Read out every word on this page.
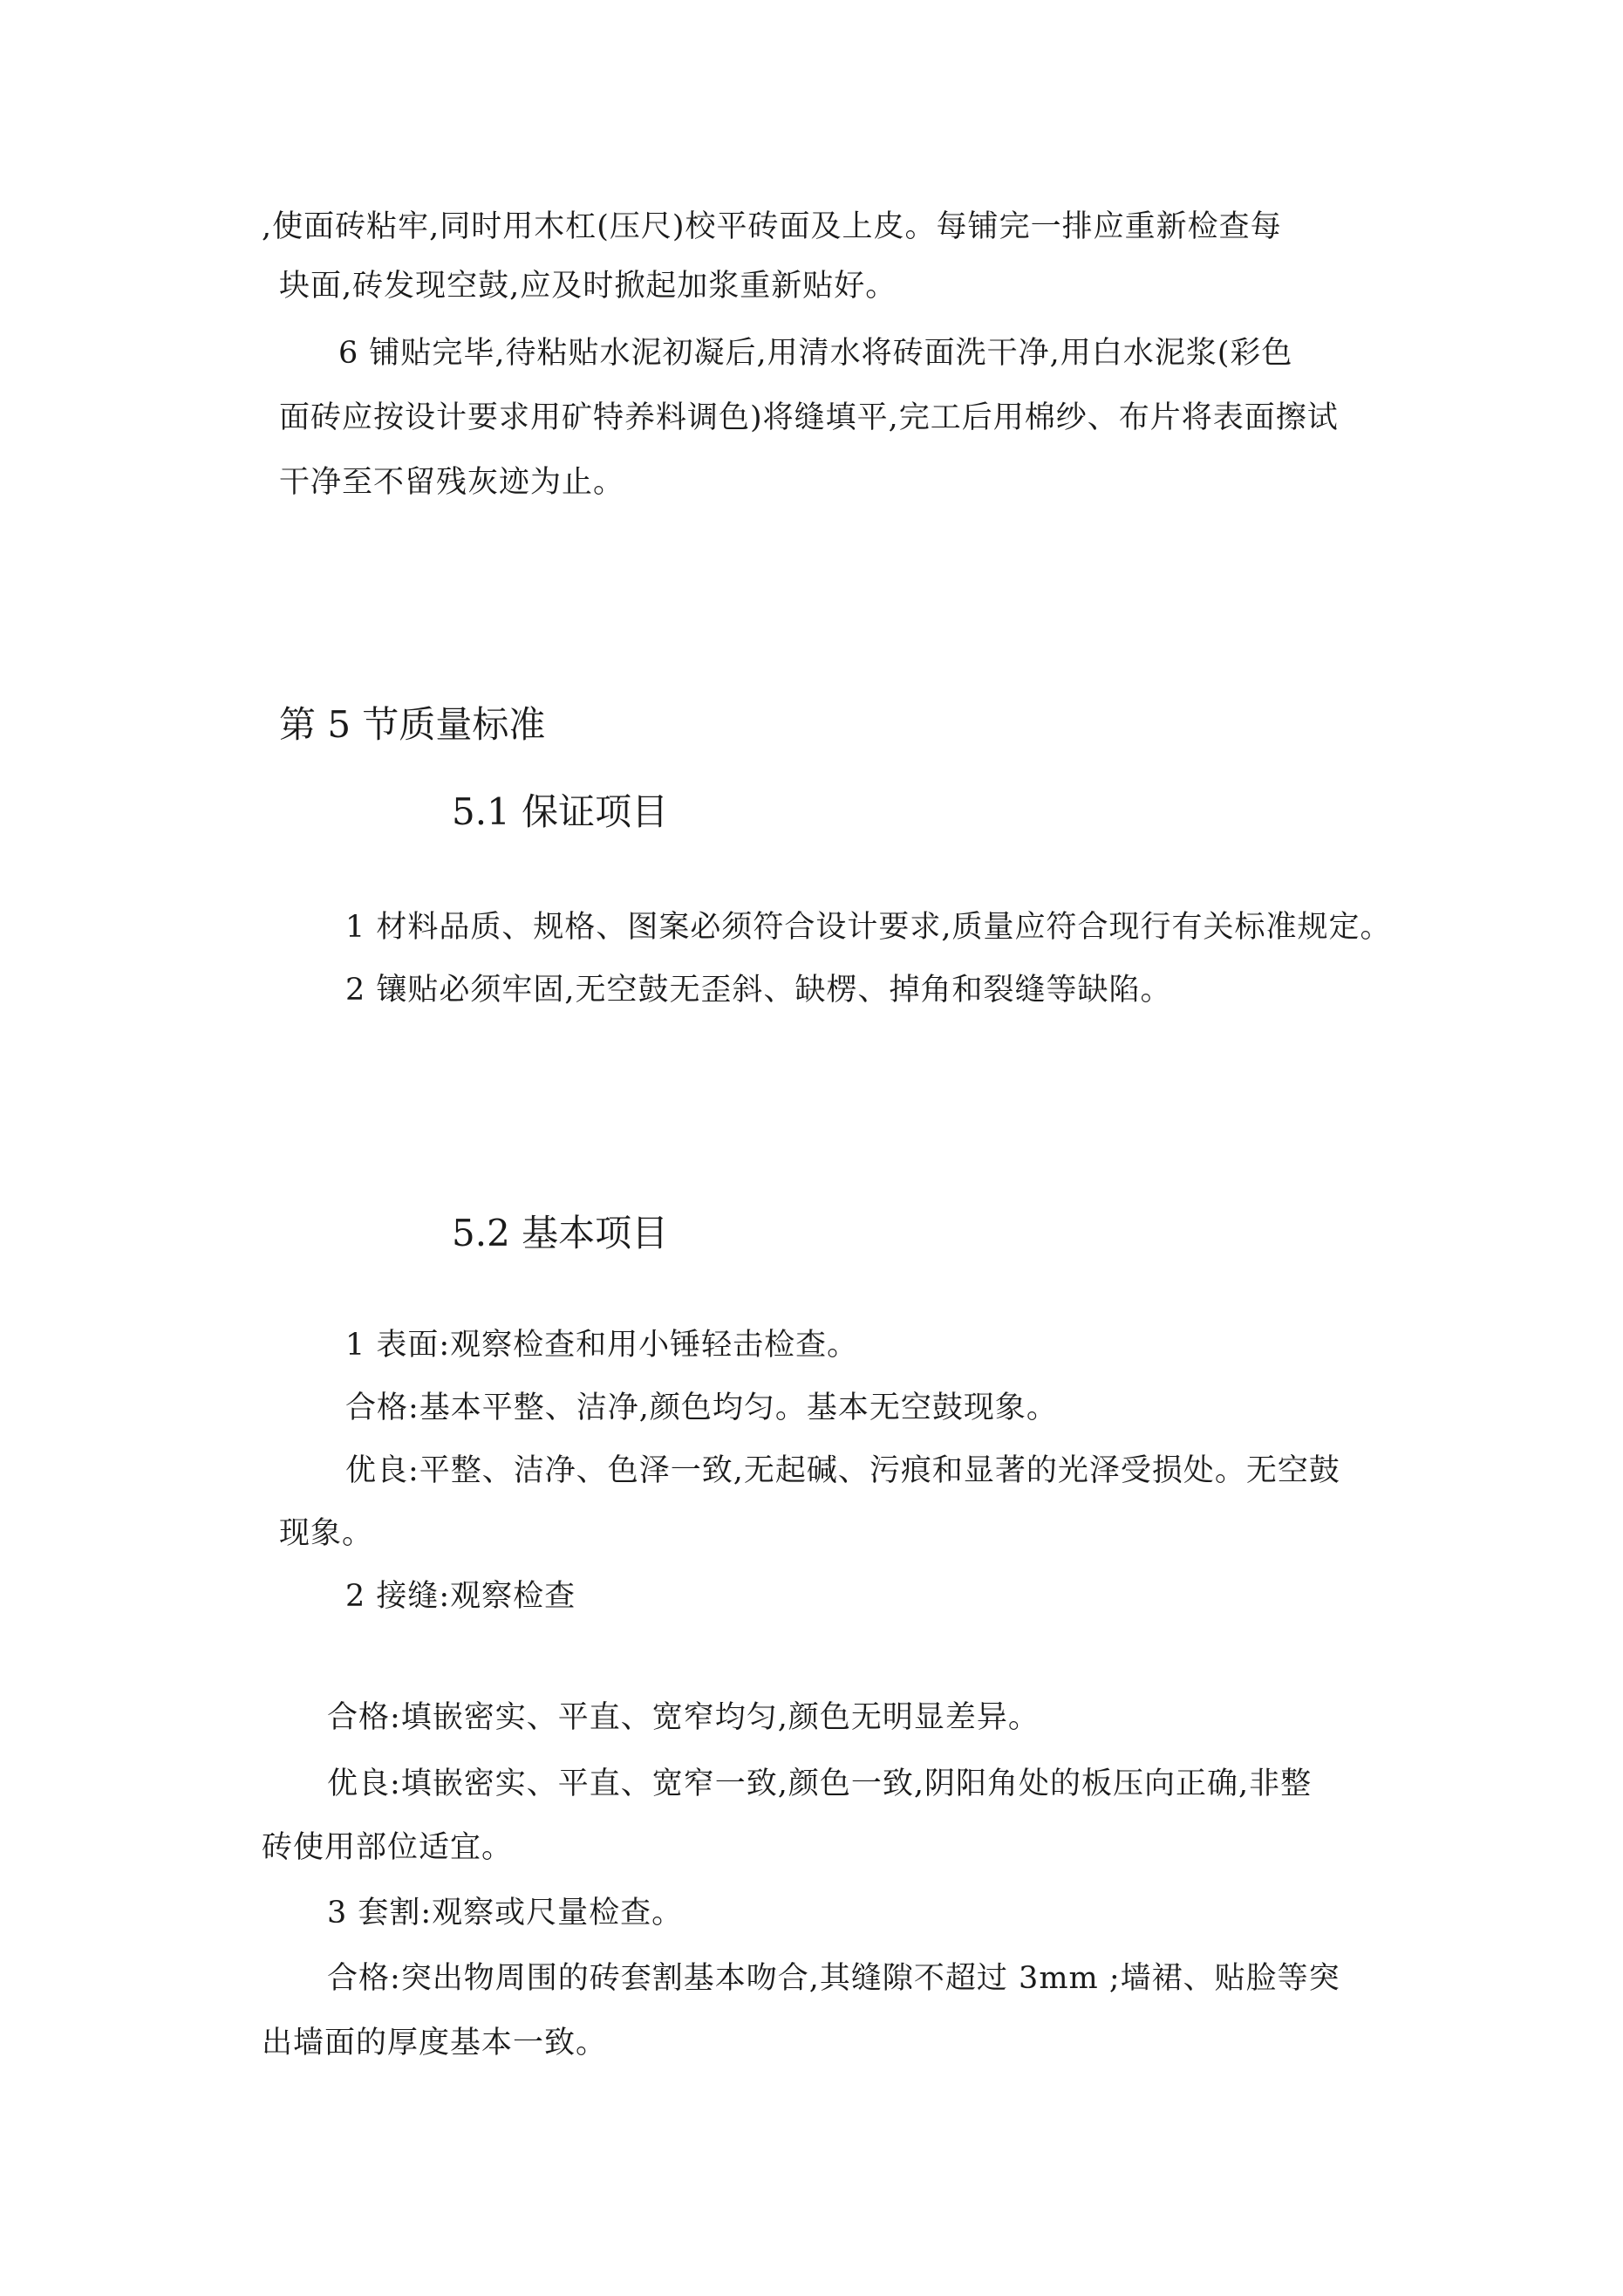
,使面砖粘牢,同时用木杠(压尺)校平砖面及上皮。每铺完一排应重新检查每
块面,砖发现空鼓,应及时掀起加浆重新贴好。
6 铺贴完毕,待粘贴水泥初凝后,用清水将砖面洗干净,用白水泥浆(彩色
面砖应按设计要求用矿特养料调色)将缝填平,完工后用棉纱、布片将表面擦试
干净至不留残灰迹为止。
第 5 节质量标准
5.1 保证项目
1 材料品质、规格、图案必须符合设计要求,质量应符合现行有关标准规定。
2 镶贴必须牢固,无空鼓无歪斜、缺楞、掉角和裂缝等缺陷。
5.2 基本项目
1 表面:观察检查和用小锤轻击检查。
合格:基本平整、洁净,颜色均匀。基本无空鼓现象。
优良:平整、洁净、色泽一致,无起碱、污痕和显著的光泽受损处。无空鼓
现象。
2 接缝:观察检查
合格:填嵌密实、平直、宽窄均匀,颜色无明显差异。
优良:填嵌密实、平直、宽窄一致,颜色一致,阴阳角处的板压向正确,非整
砖使用部位适宜。
3 套割:观察或尺量检查。
合格:突出物周围的砖套割基本吻合,其缝隙不超过 3mm ;墙裙、贴脸等突
出墙面的厚度基本一致。
